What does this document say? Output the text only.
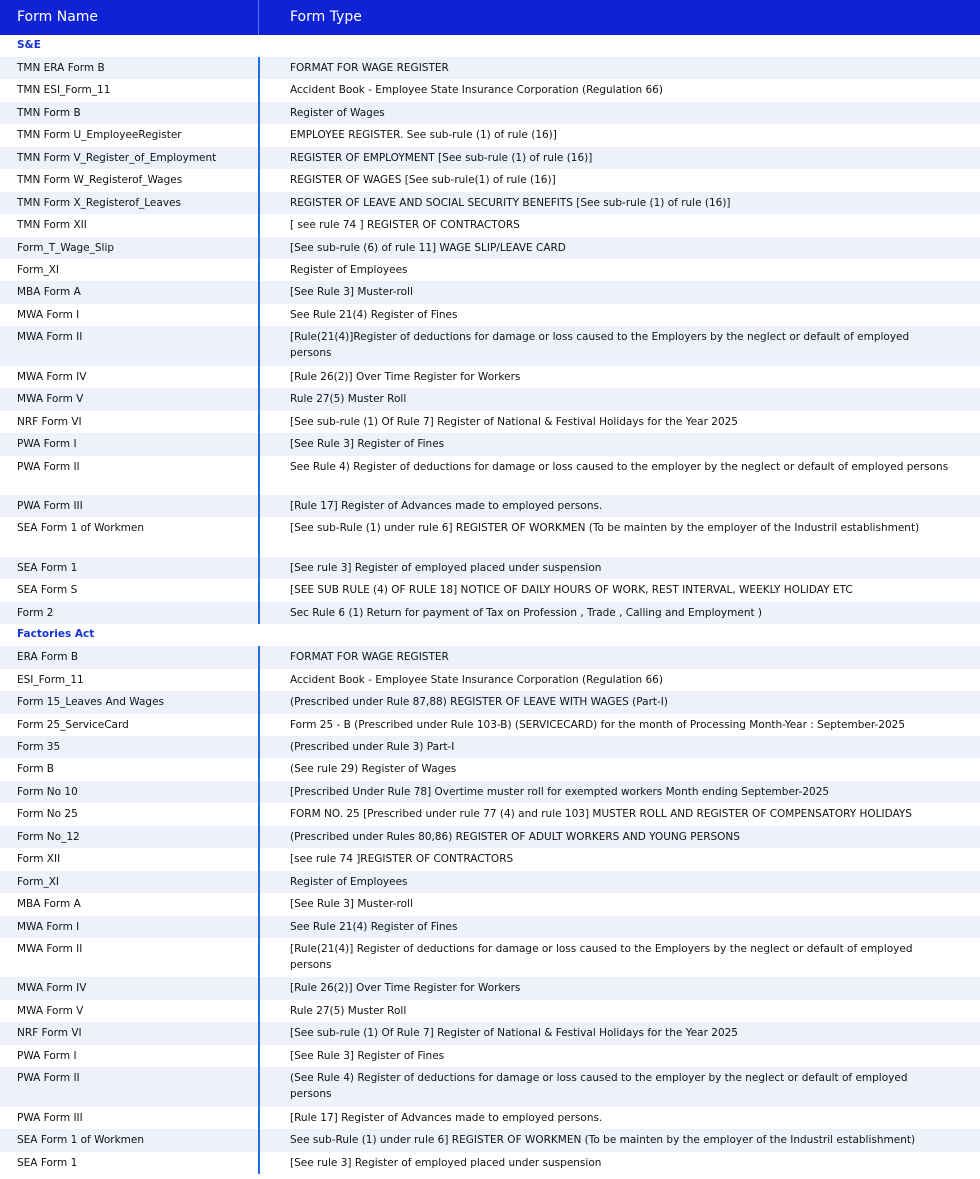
Form Name	Form Type
S&E
TMN ERA Form B	FORMAT FOR WAGE REGISTER
TMN ESI_Form_11	Accident Book - Employee State Insurance Corporation (Regulation 66)
TMN Form B	Register of Wages
TMN Form U_EmployeeRegister	EMPLOYEE REGISTER. See sub-rule (1) of rule (16)]
TMN Form V_Register_of_Employment	REGISTER OF EMPLOYMENT [See sub-rule (1) of rule (16)]
TMN Form W_Registerof_Wages	REGISTER OF WAGES [See sub-rule(1) of rule (16)]
TMN Form X_Registerof_Leaves	REGISTER OF LEAVE AND SOCIAL SECURITY BENEFITS [See sub-rule (1) of rule (16)]
TMN Form XII	[ see rule 74 ] REGISTER OF CONTRACTORS
Form_T_Wage_Slip	[See sub-rule (6) of rule 11] WAGE SLIP/LEAVE CARD
Form_XI	Register of Employees
MBA Form A	[See Rule 3] Muster-roll
MWA Form I	See Rule 21(4) Register of Fines
MWA Form II	[Rule(21(4)]Register of deductions for damage or loss caused to the Employers by the neglect or default of employed persons
MWA Form IV	[Rule 26(2)] Over Time Register for Workers
MWA Form V	Rule 27(5) Muster Roll
NRF Form VI	[See sub-rule (1) Of Rule 7] Register of National & Festival Holidays for the Year 2025
PWA Form I	[See Rule 3] Register of Fines
PWA Form II	See Rule 4) Register of deductions for damage or loss caused to the employer by the neglect or default of employed persons
PWA Form III	[Rule 17] Register of Advances made to employed persons.
SEA Form 1 of Workmen	[See sub-Rule (1) under rule 6] REGISTER OF WORKMEN (To be mainten by the employer of the Industril establishment)
SEA Form 1	[See rule 3] Register of employed placed under suspension
SEA Form S	[SEE SUB RULE (4) OF RULE 18] NOTICE OF DAILY HOURS OF WORK, REST INTERVAL, WEEKLY HOLIDAY ETC
Form 2	Sec Rule 6 (1) Return for payment of Tax on Profession , Trade , Calling and Employment )
Factories Act
ERA Form B	FORMAT FOR WAGE REGISTER
ESI_Form_11	Accident Book - Employee State Insurance Corporation (Regulation 66)
Form 15_Leaves And Wages	(Prescribed under Rule 87,88) REGISTER OF LEAVE WITH WAGES (Part-I)
Form 25_ServiceCard	Form 25 - B (Prescribed under Rule 103-B) (SERVICECARD) for the month of Processing Month-Year : September-2025
Form 35	(Prescribed under Rule 3) Part-I
Form B	(See rule 29) Register of Wages
Form No 10	[Prescribed Under Rule 78] Overtime muster roll for exempted workers Month ending September-2025
Form No 25	FORM NO. 25 [Prescribed under rule 77 (4) and rule 103] MUSTER ROLL AND REGISTER OF COMPENSATORY HOLIDAYS
Form No_12	(Prescribed under Rules 80,86) REGISTER OF ADULT WORKERS AND YOUNG PERSONS
Form XII	[see rule 74 ]REGISTER OF CONTRACTORS
Form_XI	Register of Employees
MBA Form A	[See Rule 3] Muster-roll
MWA Form I	See Rule 21(4) Register of Fines
MWA Form II	[Rule(21(4)] Register of deductions for damage or loss caused to the Employers by the neglect or default of employed persons
MWA Form IV	[Rule 26(2)] Over Time Register for Workers
MWA Form V	Rule 27(5) Muster Roll
NRF Form VI	[See sub-rule (1) Of Rule 7] Register of National & Festival Holidays for the Year 2025
PWA Form I	[See Rule 3] Register of Fines
PWA Form II	(See Rule 4) Register of deductions for damage or loss caused to the employer by the neglect or default of employed persons
PWA Form III	[Rule 17] Register of Advances made to employed persons.
SEA Form 1 of Workmen	See sub-Rule (1) under rule 6] REGISTER OF WORKMEN (To be mainten by the employer of the Industril establishment)
SEA Form 1	[See rule 3] Register of employed placed under suspension
